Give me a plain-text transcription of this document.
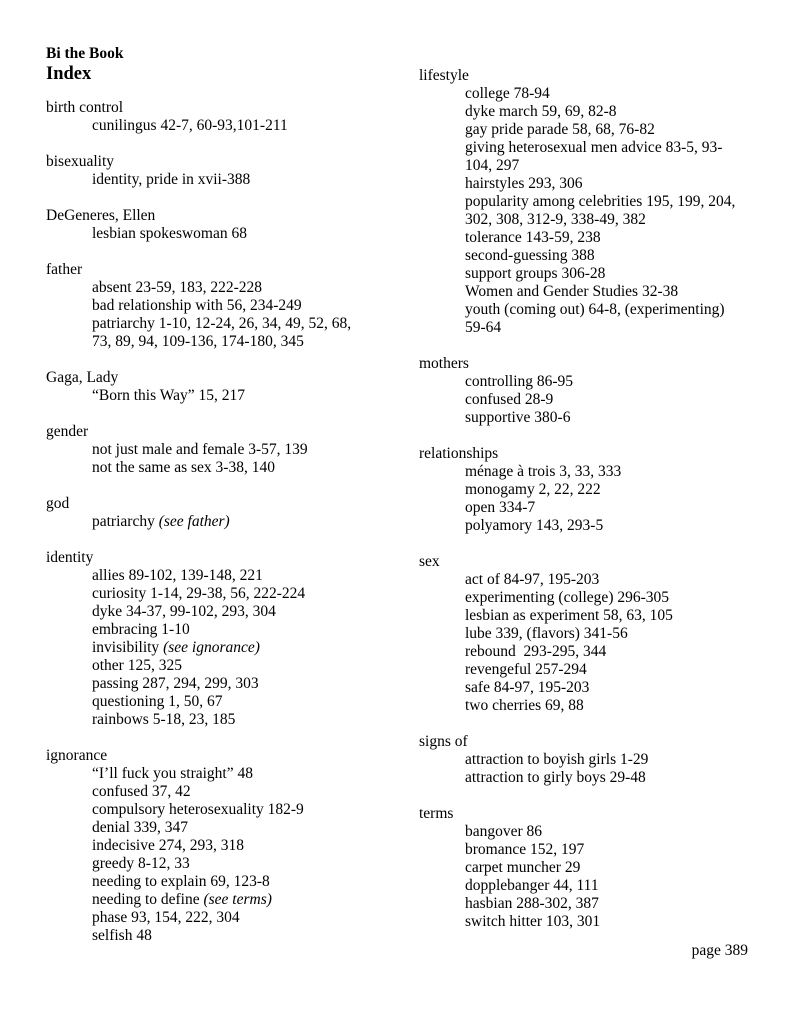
Bi the Book
Index
birth control
cunilingus 42-7, 60-93,101-211
bisexuality
identity, pride in xvii-388
DeGeneres, Ellen
lesbian spokeswoman 68
father
absent 23-59, 183, 222-228
bad relationship with 56, 234-249
patriarchy 1-10, 12-24, 26, 34, 49, 52, 68,
73, 89, 94, 109-136, 174-180, 345
Gaga, Lady
“Born this Way” 15, 217
gender
not just male and female 3-57, 139
not the same as sex 3-38, 140
god
patriarchy (see father)
identity
allies 89-102, 139-148, 221
curiosity 1-14, 29-38, 56, 222-224
dyke 34-37, 99-102, 293, 304
embracing 1-10
invisibility (see ignorance)
other 125, 325
passing 287, 294, 299, 303
questioning 1, 50, 67
rainbows 5-18, 23, 185
ignorance
“I’ll fuck you straight” 48
confused 37, 42
compulsory heterosexuality 182-9
denial 339, 347
indecisive 274, 293, 318
greedy 8-12, 33
needing to explain 69, 123-8
needing to define (see terms)
phase 93, 154, 222, 304
selfish 48
lifestyle
college 78-94
dyke march 59, 69, 82-8
gay pride parade 58, 68, 76-82
giving heterosexual men advice 83-5, 93-
104, 297
hairstyles 293, 306
popularity among celebrities 195, 199, 204,
302, 308, 312-9, 338-49, 382
tolerance 143-59, 238
second-guessing 388
support groups 306-28
Women and Gender Studies 32-38
youth (coming out) 64-8, (experimenting)
59-64
mothers
controlling 86-95
confused 28-9
supportive 380-6
relationships
ménage à trois 3, 33, 333
monogamy 2, 22, 222
open 334-7
polyamory 143, 293-5
sex
act of 84-97, 195-203
experimenting (college) 296-305
lesbian as experiment 58, 63, 105
lube 339, (flavors) 341-56
rebound  293-295, 344
revengeful 257-294
safe 84-97, 195-203
two cherries 69, 88
signs of
attraction to boyish girls 1-29
attraction to girly boys 29-48
terms
bangover 86
bromance 152, 197
carpet muncher 29
dopplebanger 44, 111
hasbian 288-302, 387
switch hitter 103, 301
page 389
